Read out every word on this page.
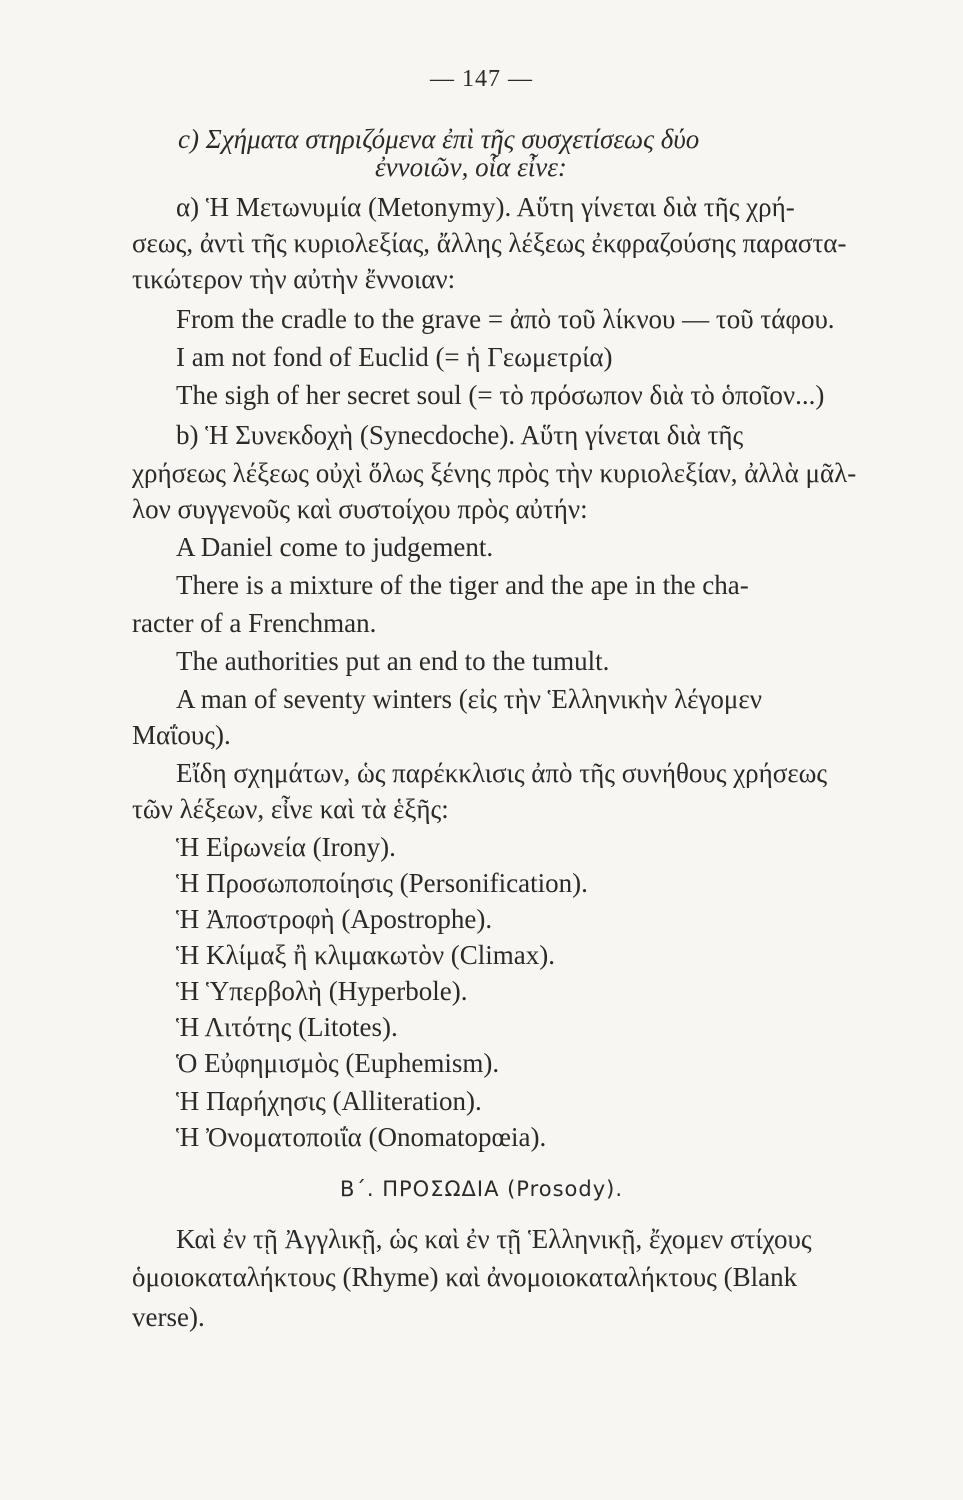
— 147 —
c) Σχήματα στηριζόμενα ἐπὶ τῆς συσχετίσεως δύο
ἐννοιῶν, οἷα εἶνε:
α) Ἡ Μετωνυμία (Metonymy). Αὕτη γίνεται διὰ τῆς χρή-
σεως, ἀντὶ τῆς κυριολεξίας, ἄλλης λέξεως ἐκφραζούσης παραστα-
τικώτερον τὴν αὐτὴν ἔννοιαν:
From the cradle to the grave = ἀπὸ τοῦ λίκνου — τοῦ τάφου.
I am not fond of Euclid (= ἡ Γεωμετρία)
The sigh of her secret soul (= τὸ πρόσωπον διὰ τὸ ὁποῖον...)
b) Ἡ Συνεκδοχὴ (Synecdoche). Αὕτη γίνεται διὰ τῆς
χρήσεως λέξεως οὐχὶ ὅλως ξένης πρὸς τὴν κυριολεξίαν, ἀλλὰ μᾶλ-
λον συγγενοῦς καὶ συστοίχου πρὸς αὐτήν:
A Daniel come to judgement.
There is a mixture of the tiger and the ape in the cha-
racter of a Frenchman.
The authorities put an end to the tumult.
A man of seventy winters (εἰς τὴν Ἑλληνικὴν λέγομεν
Μαΐους).
Εἴδη σχημάτων, ὡς παρέκκλισις ἀπὸ τῆς συνήθους χρήσεως
τῶν λέξεων, εἶνε καὶ τὰ ἑξῆς:
Ἡ Εἰρωνεία (Irony).
Ἡ Προσωποποίησις (Personification).
Ἡ Ἀποστροφὴ (Apostrophe).
Ἡ Κλίμαξ ἢ κλιμακωτὸν (Climax).
Ἡ Ὑπερβολὴ (Hyperbole).
Ἡ Λιτότης (Litotes).
Ὁ Εὐφημισμὸς (Euphemism).
Ἡ Παρήχησις (Alliteration).
Ἡ Ὀνοματοποιΐα (Onomatopœia).
Β΄. ΠΡΟΣΩΔΙΑ (Prosody).
Καὶ ἐν τῇ Ἀγγλικῇ, ὡς καὶ ἐν τῇ Ἑλληνικῇ, ἔχομεν στίχους
ὁμοιοκαταλήκτους (Rhyme) καὶ ἀνομοιοκαταλήκτους (Blank
verse).
